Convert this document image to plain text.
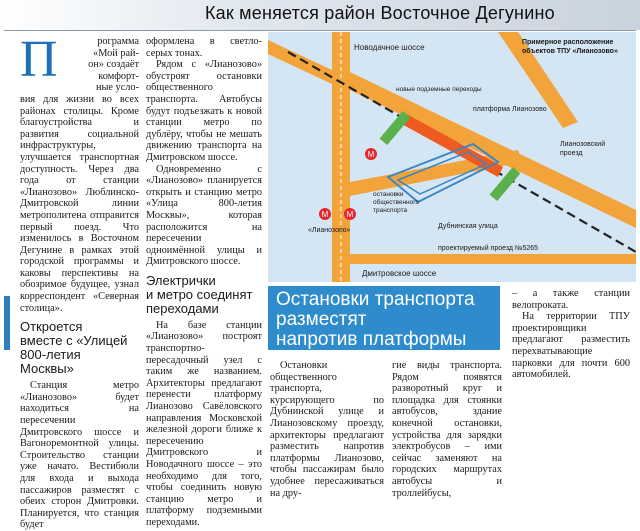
Как меняется район Восточное Дегунино
П	рограмма
«Мой рай-
он» создаёт
комфорт-
ные усло-

вия для жизни во всех районах столицы. Кроме благоустройства и развития социальной инфраструктуры, улучшается транспортная доступность. Через два года от станции «Лианозово» Люблинско-Дмитровской линии метрополитена отправится первый поезд. Что изменилось в Восточном Дегунине в рамках этой городской программы и каковы перспективы на обозримое будущее, узнал корреспондент «Северная столица».

Откроется
вместе с «Улицей
800-летия
Москвы»

Станция метро «Лианозово» будет находиться на пересечении Дмитровского шоссе и Вагоноремонтной улицы. Строительство станции уже начато. Вестибюли для входа и выхода пассажиров разместят с обеих сторон Дмитровки. Планируется, что станция будет

оформлена в светло-серых тонах.

Рядом с «Лианозово» обустроят остановки общественного транспорта. Автобусы будут подъезжать к новой станции метро по дублёру, чтобы не мешать движению транспорта на Дмитровском шоссе.

Одновременно с «Лианозово» планируется открыть и станцию метро «Улица 800-летия Москвы», которая расположится на пересечении одноимённой улицы и Дмитровского шоссе.

Электрички
и метро соединят
переходами

На базе станции «Лианозово» построят транспортно-пересадочный узел с таким же названием. Архитекторы предлагают перенести платформу Лианозово Савёловского направления Московской железной дороги ближе к пересечению Дмитровского и Новодачного шоссе – это необходимо для того, чтобы соединить новую станцию метро и платформу подземными переходами.

М М
М
Новодачное шоссе
Примерное расположение
объектов ТПУ «Лианозово»
новые подземные переходы
платформа Лианозово
Лианозовский
проезд
остановки
общественного
транспорта
Дубнинская улица
«Лианозово»
проектируемый проезд №5265
Дмитровское шоссе
Остановки транспорта
разместят
напротив платформы

Остановки общественного транспорта, курсирующего по Дубнинской улице и Лианозовскому проезду, архитекторы предлагают разместить напротив платформы Лианозово, чтобы пассажирам было удобнее пересаживаться на дру-

гие виды транспорта. Рядом появятся разворотный круг и площадка для стоянки автобусов, здание конечной остановки, устройства для зарядки электробусов – ими сейчас заменяют на городских маршрутах автобусы и троллейбусы,

– а также станции велопроката.

На территории ТПУ проектировщики предлагают разместить перехватывающие парковки для почти 600 автомобилей.
